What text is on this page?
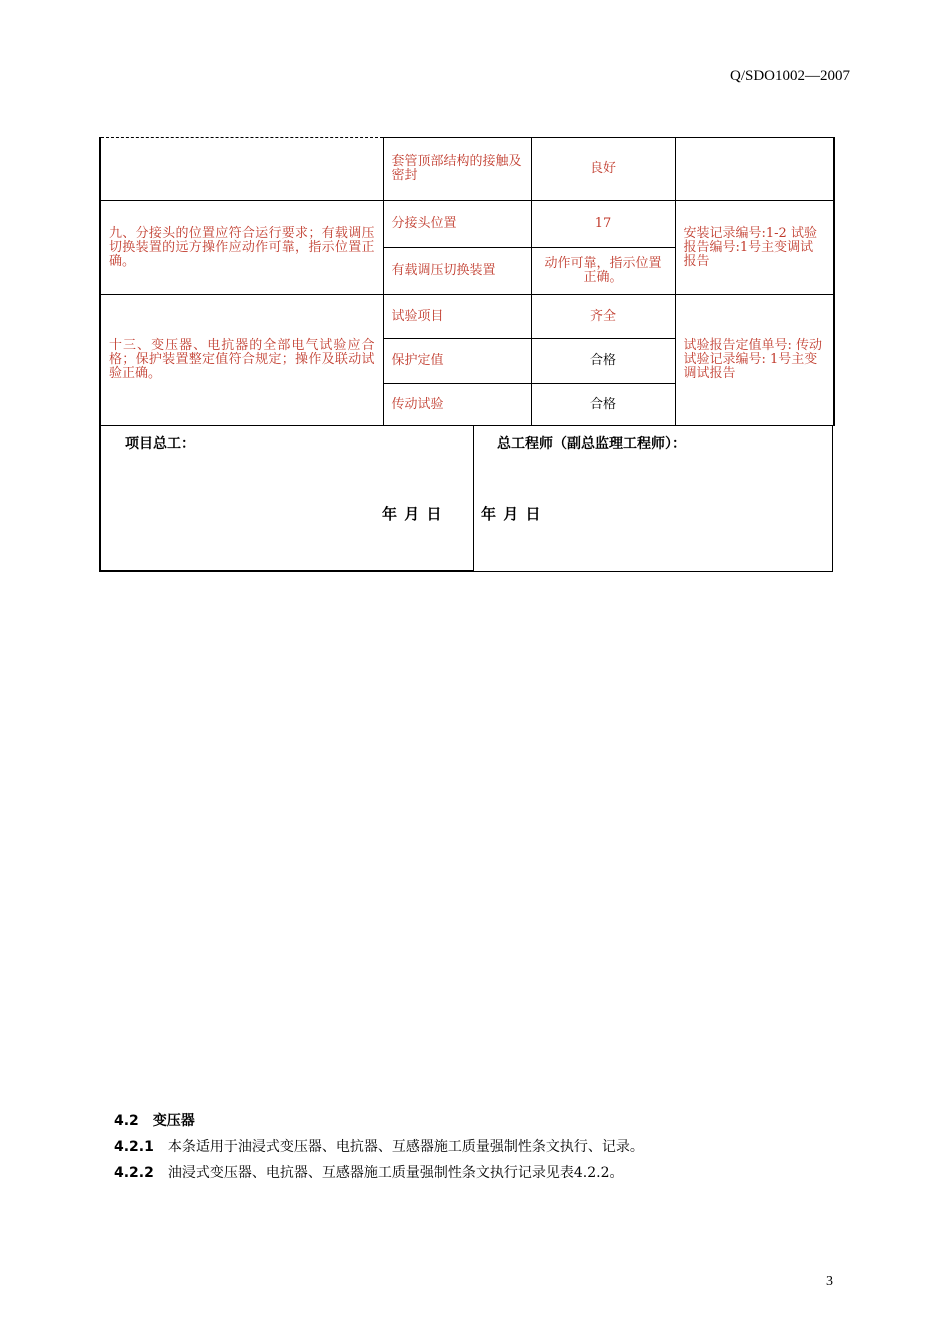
Q/SDO1002—2007
	套管顶部结构的接触及密封	良好	
九、分接头的位置应符合运行要求；有载调压切换装置的远方操作应动作可靠，指示位置正确。	分接头位置	17	安装记录编号:1-2 试验报告编号:1号主变调试报告
	有载调压切换装置	动作可靠，指示位置正确。	
十三、变压器、电抗器的全部电气试验应合格；保护装置整定值符合规定；操作及联动试验正确。	试验项目	齐全	试验报告定值单号: 传动试验记录编号: 1号主变调试报告
	保护定值	合格	
	传动试验	合格	
项目总工：
年 月 日
总工程师（副总监理工程师）：
年 月 日
4.2 变压器
4.2.1 本条适用于油浸式变压器、电抗器、互感器施工质量强制性条文执行、记录。
4.2.2 油浸式变压器、电抗器、互感器施工质量强制性条文执行记录见表4.2.2。
3
